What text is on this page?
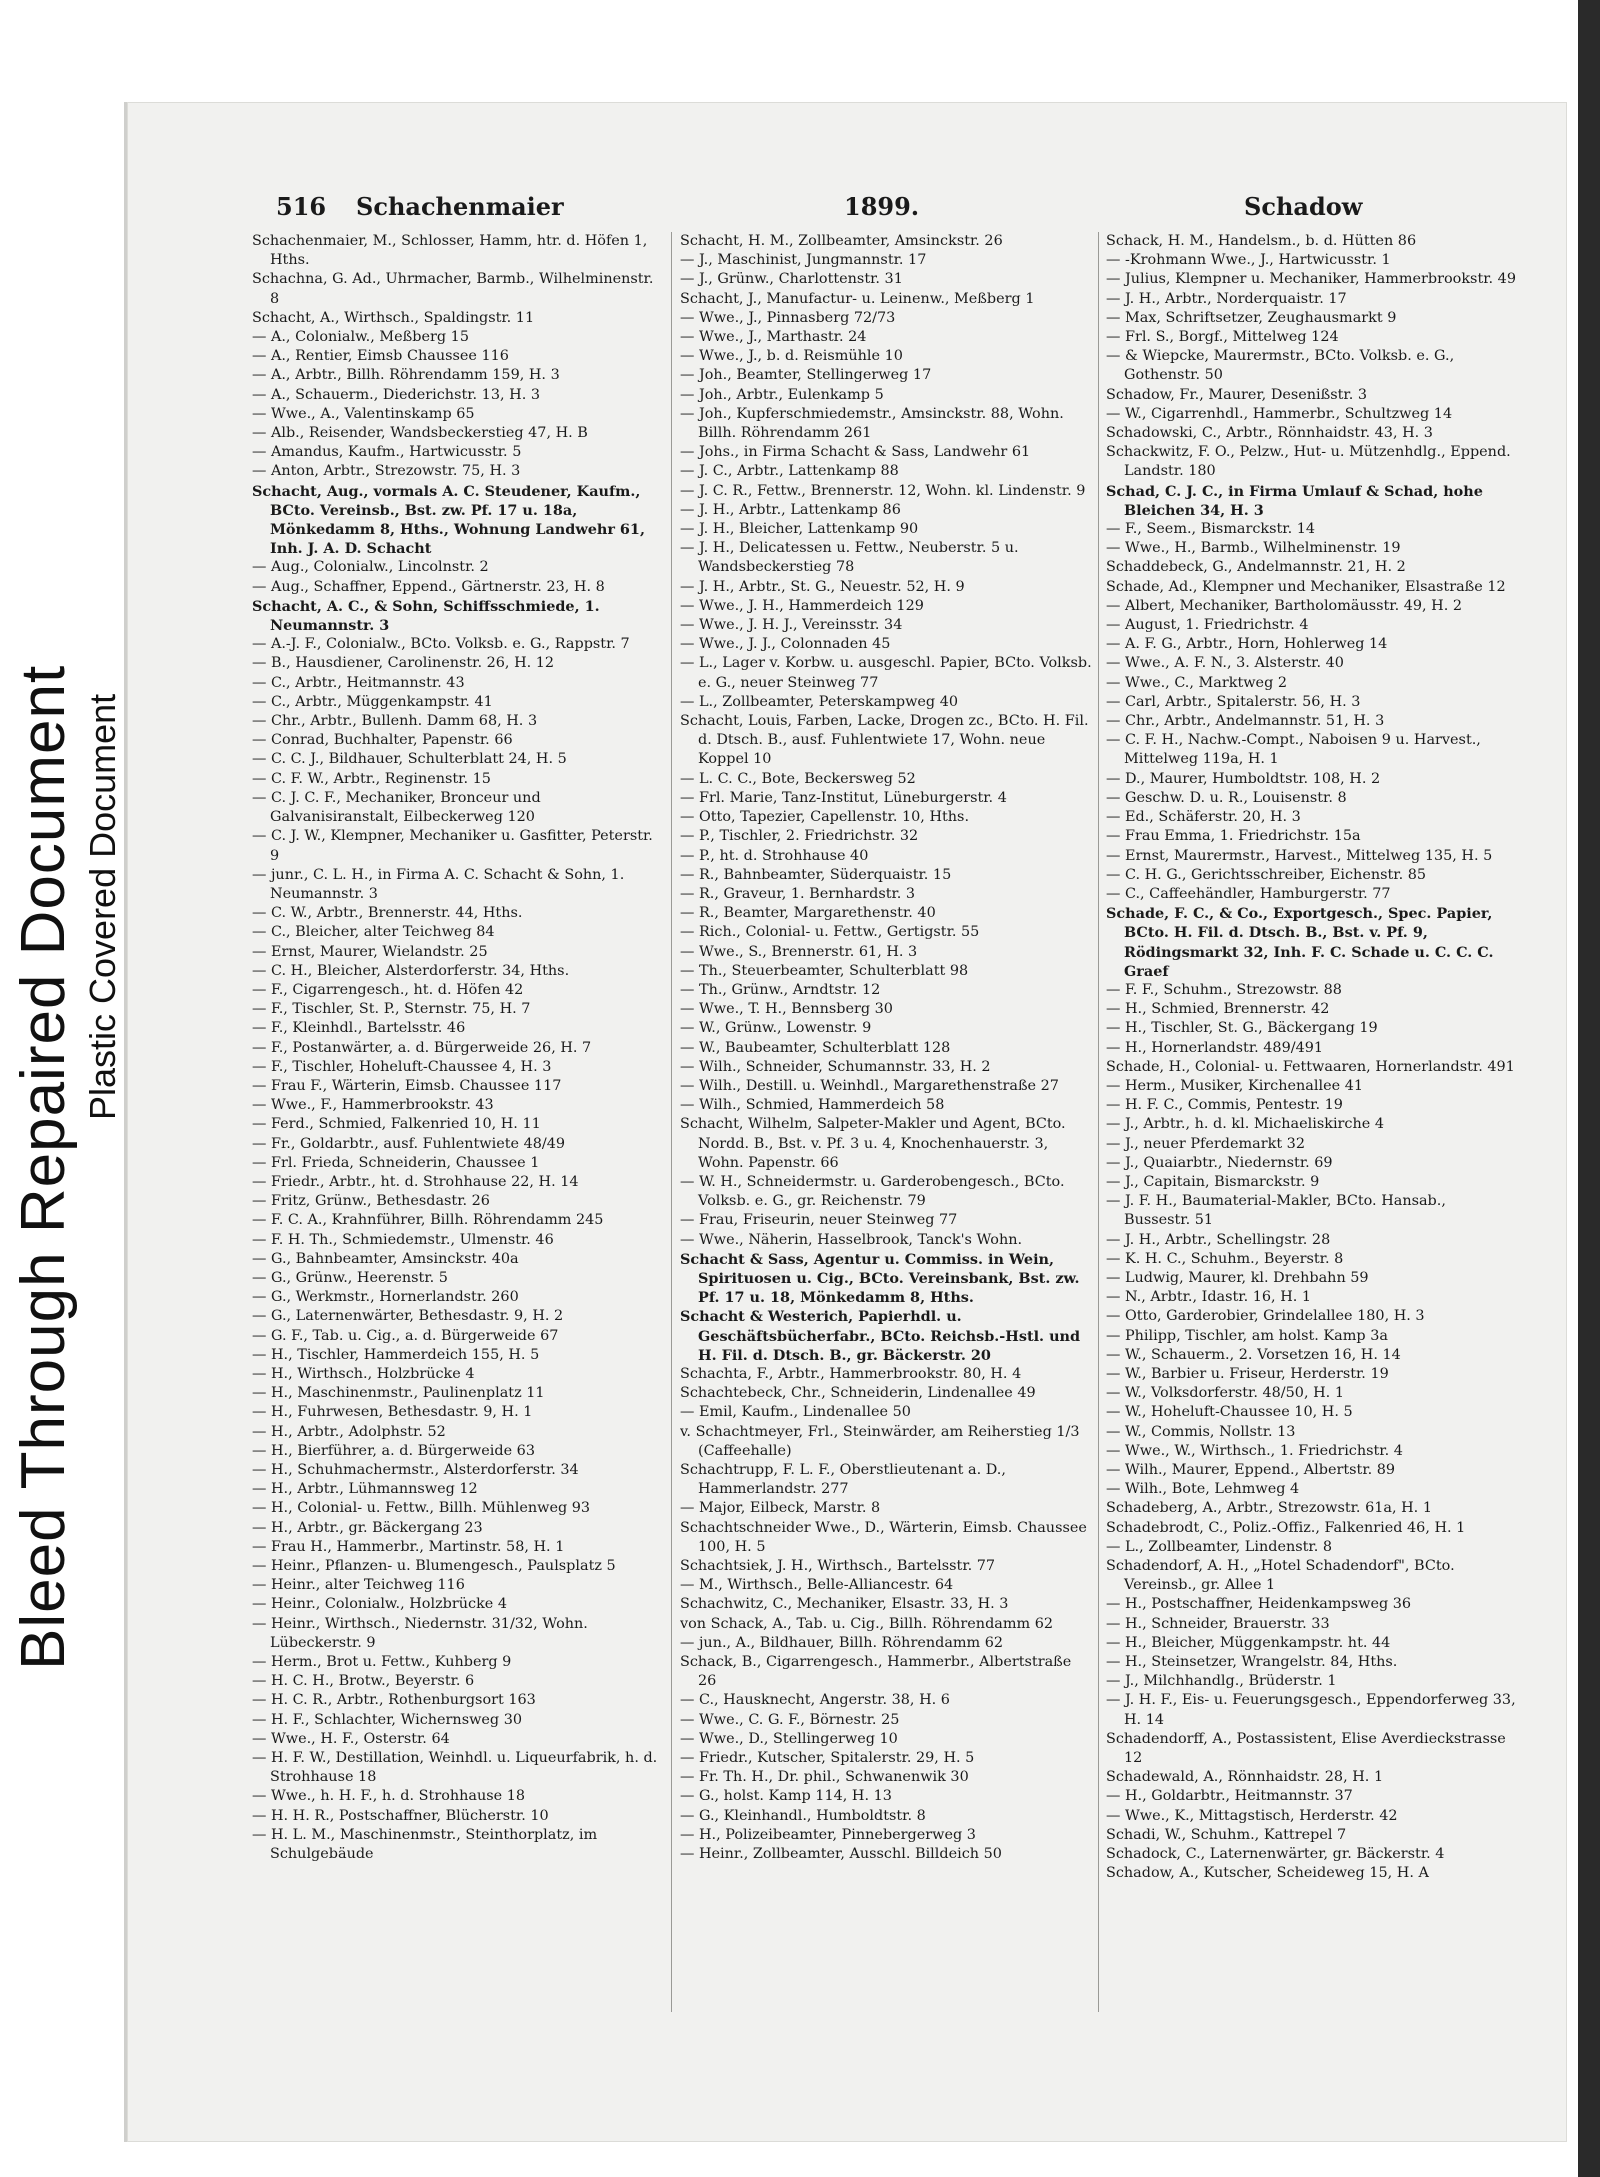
Bleed Through Repaired Document Plastic Covered Document
516 Schachenmaier	1899.	Schadow

Schachenmaier, M., Schlosser, Hamm, htr. d. Höfen 1, Hths.

Schachna, G. Ad., Uhrmacher, Barmb., Wilhelminenstr. 8

Schacht, A., Wirthsch., Spaldingstr. 11

— A., Colonialw., Meßberg 15

— A., Rentier, Eimsb Chaussee 116

— A., Arbtr., Billh. Röhrendamm 159, H. 3

— A., Schauerm., Diederichstr. 13, H. 3

— Wwe., A., Valentinskamp 65

— Alb., Reisender, Wandsbeckerstieg 47, H. B

— Amandus, Kaufm., Hartwicusstr. 5

— Anton, Arbtr., Strezowstr. 75, H. 3

Schacht, Aug., vormals A. C. Steudener, Kaufm., BCto. Vereinsb., Bst. zw. Pf. 17 u. 18a, Mönkedamm 8, Hths., Wohnung Landwehr 61, Inh. J. A. D. Schacht

— Aug., Colonialw., Lincolnstr. 2

— Aug., Schaffner, Eppend., Gärtnerstr. 23, H. 8

Schacht, A. C., & Sohn, Schiffsschmiede, 1. Neumannstr. 3

— A.-J. F., Colonialw., BCto. Volksb. e. G., Rappstr. 7

— B., Hausdiener, Carolinenstr. 26, H. 12

— C., Arbtr., Heitmannstr. 43

— C., Arbtr., Müggenkampstr. 41

— Chr., Arbtr., Bullenh. Damm 68, H. 3

— Conrad, Buchhalter, Papenstr. 66

— C. C. J., Bildhauer, Schulterblatt 24, H. 5

— C. F. W., Arbtr., Reginenstr. 15

— C. J. C. F., Mechaniker, Bronceur und Galvanisiranstalt, Eilbeckerweg 120

— C. J. W., Klempner, Mechaniker u. Gasfitter, Peterstr. 9

— junr., C. L. H., in Firma A. C. Schacht & Sohn, 1. Neumannstr. 3

— C. W., Arbtr., Brennerstr. 44, Hths.

— C., Bleicher, alter Teichweg 84

— Ernst, Maurer, Wielandstr. 25

— C. H., Bleicher, Alsterdorferstr. 34, Hths.

— F., Cigarrengesch., ht. d. Höfen 42

— F., Tischler, St. P., Sternstr. 75, H. 7

— F., Kleinhdl., Bartelsstr. 46

— F., Postanwärter, a. d. Bürgerweide 26, H. 7

— F., Tischler, Hoheluft-Chaussee 4, H. 3

— Frau F., Wärterin, Eimsb. Chaussee 117

— Wwe., F., Hammerbrookstr. 43

— Ferd., Schmied, Falkenried 10, H. 11

— Fr., Goldarbtr., ausf. Fuhlentwiete 48/49

— Frl. Frieda, Schneiderin, Chaussee 1

— Friedr., Arbtr., ht. d. Strohhause 22, H. 14

— Fritz, Grünw., Bethesdastr. 26

— F. C. A., Krahnführer, Billh. Röhrendamm 245

— F. H. Th., Schmiedemstr., Ulmenstr. 46

— G., Bahnbeamter, Amsinckstr. 40a

— G., Grünw., Heerenstr. 5

— G., Werkmstr., Hornerlandstr. 260

— G., Laternenwärter, Bethesdastr. 9, H. 2

— G. F., Tab. u. Cig., a. d. Bürgerweide 67

— H., Tischler, Hammerdeich 155, H. 5

— H., Wirthsch., Holzbrücke 4

— H., Maschinenmstr., Paulinenplatz 11

— H., Fuhrwesen, Bethesdastr. 9, H. 1

— H., Arbtr., Adolphstr. 52

— H., Bierführer, a. d. Bürgerweide 63

— H., Schuhmachermstr., Alsterdorferstr. 34

— H., Arbtr., Lühmannsweg 12

— H., Colonial- u. Fettw., Billh. Mühlenweg 93

— H., Arbtr., gr. Bäckergang 23

— Frau H., Hammerbr., Martinstr. 58, H. 1

— Heinr., Pflanzen- u. Blumengesch., Paulsplatz 5

— Heinr., alter Teichweg 116

— Heinr., Colonialw., Holzbrücke 4

— Heinr., Wirthsch., Niedernstr. 31/32, Wohn. Lübeckerstr. 9

— Herm., Brot u. Fettw., Kuhberg 9

— H. C. H., Brotw., Beyerstr. 6

— H. C. R., Arbtr., Rothenburgsort 163

— H. F., Schlachter, Wichernsweg 30

— Wwe., H. F., Osterstr. 64

— H. F. W., Destillation, Weinhdl. u. Liqueurfabrik, h. d. Strohhause 18

— Wwe., h. H. F., h. d. Strohhause 18

— H. H. R., Postschaffner, Blücherstr. 10

— H. L. M., Maschinenmstr., Steinthorplatz, im Schulgebäude

Schacht, H. M., Zollbeamter, Amsinckstr. 26

— J., Maschinist, Jungmannstr. 17

— J., Grünw., Charlottenstr. 31

Schacht, J., Manufactur- u. Leinenw., Meßberg 1

— Wwe., J., Pinnasberg 72/73

— Wwe., J., Marthastr. 24

— Wwe., J., b. d. Reismühle 10

— Joh., Beamter, Stellingerweg 17

— Joh., Arbtr., Eulenkamp 5

— Joh., Kupferschmiedemstr., Amsinckstr. 88, Wohn. Billh. Röhrendamm 261

— Johs., in Firma Schacht & Sass, Landwehr 61

— J. C., Arbtr., Lattenkamp 88

— J. C. R., Fettw., Brennerstr. 12, Wohn. kl. Lindenstr. 9

— J. H., Arbtr., Lattenkamp 86

— J. H., Bleicher, Lattenkamp 90

— J. H., Delicatessen u. Fettw., Neuberstr. 5 u. Wandsbeckerstieg 78

— J. H., Arbtr., St. G., Neuestr. 52, H. 9

— Wwe., J. H., Hammerdeich 129

— Wwe., J. H. J., Vereinsstr. 34

— Wwe., J. J., Colonnaden 45

— L., Lager v. Korbw. u. ausgeschl. Papier, BCto. Volksb. e. G., neuer Steinweg 77

— L., Zollbeamter, Peterskampweg 40

Schacht, Louis, Farben, Lacke, Drogen zc., BCto. H. Fil. d. Dtsch. B., ausf. Fuhlentwiete 17, Wohn. neue Koppel 10

— L. C. C., Bote, Beckersweg 52

— Frl. Marie, Tanz-Institut, Lüneburgerstr. 4

— Otto, Tapezier, Capellenstr. 10, Hths.

— P., Tischler, 2. Friedrichstr. 32

— P., ht. d. Strohhause 40

— R., Bahnbeamter, Süderquaistr. 15

— R., Graveur, 1. Bernhardstr. 3

— R., Beamter, Margarethenstr. 40

— Rich., Colonial- u. Fettw., Gertigstr. 55

— Wwe., S., Brennerstr. 61, H. 3

— Th., Steuerbeamter, Schulterblatt 98

— Th., Grünw., Arndtstr. 12

— Wwe., T. H., Bennsberg 30

— W., Grünw., Lowenstr. 9

— W., Baubeamter, Schulterblatt 128

— Wilh., Schneider, Schumannstr. 33, H. 2

— Wilh., Destill. u. Weinhdl., Margarethenstraße 27

— Wilh., Schmied, Hammerdeich 58

Schacht, Wilhelm, Salpeter-Makler und Agent, BCto. Nordd. B., Bst. v. Pf. 3 u. 4, Knochenhauerstr. 3, Wohn. Papenstr. 66

— W. H., Schneidermstr. u. Garderobengesch., BCto. Volksb. e. G., gr. Reichenstr. 79

— Frau, Friseurin, neuer Steinweg 77

— Wwe., Näherin, Hasselbrook, Tanck's Wohn.

Schacht & Sass, Agentur u. Commiss. in Wein, Spirituosen u. Cig., BCto. Vereinsbank, Bst. zw. Pf. 17 u. 18, Mönkedamm 8, Hths.

Schacht & Westerich, Papierhdl. u. Geschäftsbücherfabr., BCto. Reichsb.-Hstl. und H. Fil. d. Dtsch. B., gr. Bäckerstr. 20

Schachta, F., Arbtr., Hammerbrookstr. 80, H. 4

Schachtebeck, Chr., Schneiderin, Lindenallee 49

— Emil, Kaufm., Lindenallee 50

v. Schachtmeyer, Frl., Steinwärder, am Reiherstieg 1/3 (Caffeehalle)

Schachtrupp, F. L. F., Oberstlieutenant a. D., Hammerlandstr. 277

— Major, Eilbeck, Marstr. 8

Schachtschneider Wwe., D., Wärterin, Eimsb. Chaussee 100, H. 5

Schachtsiek, J. H., Wirthsch., Bartelsstr. 77

— M., Wirthsch., Belle-Alliancestr. 64

Schachwitz, C., Mechaniker, Elsastr. 33, H. 3

von Schack, A., Tab. u. Cig., Billh. Röhrendamm 62

— jun., A., Bildhauer, Billh. Röhrendamm 62

Schack, B., Cigarrengesch., Hammerbr., Albertstraße 26

— C., Hausknecht, Angerstr. 38, H. 6

— Wwe., C. G. F., Börnestr. 25

— Wwe., D., Stellingerweg 10

— Friedr., Kutscher, Spitalerstr. 29, H. 5

— Fr. Th. H., Dr. phil., Schwanenwik 30

— G., holst. Kamp 114, H. 13

— G., Kleinhandl., Humboldtstr. 8

— H., Polizeibeamter, Pinnebergerweg 3

— Heinr., Zollbeamter, Ausschl. Billdeich 50

Schack, H. M., Handelsm., b. d. Hütten 86

— -Krohmann Wwe., J., Hartwicusstr. 1

— Julius, Klempner u. Mechaniker, Hammerbrookstr. 49

— J. H., Arbtr., Norderquaistr. 17

— Max, Schriftsetzer, Zeughausmarkt 9

— Frl. S., Borgf., Mittelweg 124

— & Wiepcke, Maurermstr., BCto. Volksb. e. G., Gothenstr. 50

Schadow, Fr., Maurer, Desenißstr. 3

— W., Cigarrenhdl., Hammerbr., Schultzweg 14

Schadowski, C., Arbtr., Rönnhaidstr. 43, H. 3

Schackwitz, F. O., Pelzw., Hut- u. Mützenhdlg., Eppend. Landstr. 180

Schad, C. J. C., in Firma Umlauf & Schad, hohe Bleichen 34, H. 3

— F., Seem., Bismarckstr. 14

— Wwe., H., Barmb., Wilhelminenstr. 19

Schaddebeck, G., Andelmannstr. 21, H. 2

Schade, Ad., Klempner und Mechaniker, Elsastraße 12

— Albert, Mechaniker, Bartholomäusstr. 49, H. 2

— August, 1. Friedrichstr. 4

— A. F. G., Arbtr., Horn, Hohlerweg 14

— Wwe., A. F. N., 3. Alsterstr. 40

— Wwe., C., Marktweg 2

— Carl, Arbtr., Spitalerstr. 56, H. 3

— Chr., Arbtr., Andelmannstr. 51, H. 3

— C. F. H., Nachw.-Compt., Naboisen 9 u. Harvest., Mittelweg 119a, H. 1

— D., Maurer, Humboldtstr. 108, H. 2

— Geschw. D. u. R., Louisenstr. 8

— Ed., Schäferstr. 20, H. 3

— Frau Emma, 1. Friedrichstr. 15a

— Ernst, Maurermstr., Harvest., Mittelweg 135, H. 5

— C. H. G., Gerichtsschreiber, Eichenstr. 85

— C., Caffeehändler, Hamburgerstr. 77

Schade, F. C., & Co., Exportgesch., Spec. Papier, BCto. H. Fil. d. Dtsch. B., Bst. v. Pf. 9, Rödingsmarkt 32, Inh. F. C. Schade u. C. C. C. Graef

— F. F., Schuhm., Strezowstr. 88

— H., Schmied, Brennerstr. 42

— H., Tischler, St. G., Bäckergang 19

— H., Hornerlandstr. 489/491

Schade, H., Colonial- u. Fettwaaren, Hornerlandstr. 491

— Herm., Musiker, Kirchenallee 41

— H. F. C., Commis, Pentestr. 19

— J., Arbtr., h. d. kl. Michaeliskirche 4

— J., neuer Pferdemarkt 32

— J., Quaiarbtr., Niedernstr. 69

— J., Capitain, Bismarckstr. 9

— J. F. H., Baumaterial-Makler, BCto. Hansab., Bussestr. 51

— J. H., Arbtr., Schellingstr. 28

— K. H. C., Schuhm., Beyerstr. 8

— Ludwig, Maurer, kl. Drehbahn 59

— N., Arbtr., Idastr. 16, H. 1

— Otto, Garderobier, Grindelallee 180, H. 3

— Philipp, Tischler, am holst. Kamp 3a

— W., Schauerm., 2. Vorsetzen 16, H. 14

— W., Barbier u. Friseur, Herderstr. 19

— W., Volksdorferstr. 48/50, H. 1

— W., Hoheluft-Chaussee 10, H. 5

— W., Commis, Nollstr. 13

— Wwe., W., Wirthsch., 1. Friedrichstr. 4

— Wilh., Maurer, Eppend., Albertstr. 89

— Wilh., Bote, Lehmweg 4

Schadeberg, A., Arbtr., Strezowstr. 61a, H. 1

Schadebrodt, C., Poliz.-Offiz., Falkenried 46, H. 1

— L., Zollbeamter, Lindenstr. 8

Schadendorf, A. H., „Hotel Schadendorf", BCto. Vereinsb., gr. Allee 1

— H., Postschaffner, Heidenkampsweg 36

— H., Schneider, Brauerstr. 33

— H., Bleicher, Müggenkampstr. ht. 44

— H., Steinsetzer, Wrangelstr. 84, Hths.

— J., Milchhandlg., Brüderstr. 1

— J. H. F., Eis- u. Feuerungsgesch., Eppendorferweg 33, H. 14

Schadendorff, A., Postassistent, Elise Averdieckstrasse 12

Schadewald, A., Rönnhaidstr. 28, H. 1

— H., Goldarbtr., Heitmannstr. 37

— Wwe., K., Mittagstisch, Herderstr. 42

Schadi, W., Schuhm., Kattrepel 7

Schadock, C., Laternenwärter, gr. Bäckerstr. 4

Schadow, A., Kutscher, Scheideweg 15, H. A
